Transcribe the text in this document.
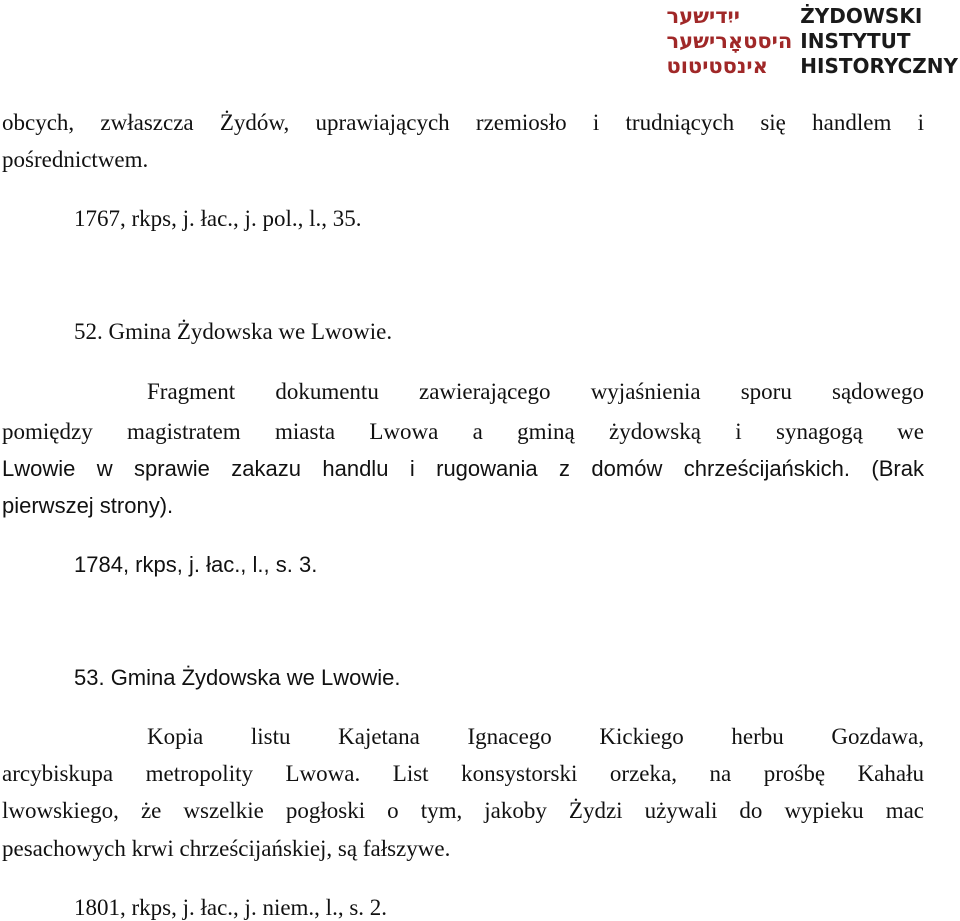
ייִדישער
היסטאָרישער
אינסטיטוט
ŻYDOWSKI
INSTYTUT
HISTORYCZNY
obcych, zwłaszcza Żydów, uprawiających rzemiosło i trudniących się handlem i
pośrednictwem.
1767, rkps, j. łac., j. pol., l., 35.
52. Gmina Żydowska we Lwowie.
Fragment dokumentu zawierającego wyjaśnienia sporu sądowego
pomiędzy magistratem miasta Lwowa a gminą żydowską i synagogą we
Lwowie w sprawie zakazu handlu i rugowania z domów chrześcijańskich. (Brak
pierwszej strony).
1784, rkps, j. łac., l., s. 3.
53. Gmina Żydowska we Lwowie.
Kopia listu Kajetana Ignacego Kickiego herbu Gozdawa,
arcybiskupa metropolity Lwowa. List konsystorski orzeka, na prośbę Kahału
lwowskiego, że wszelkie pogłoski o tym, jakoby Żydzi używali do wypieku mac
pesachowych krwi chrześcijańskiej, są fałszywe.
1801, rkps, j. łac., j. niem., l., s. 2.
